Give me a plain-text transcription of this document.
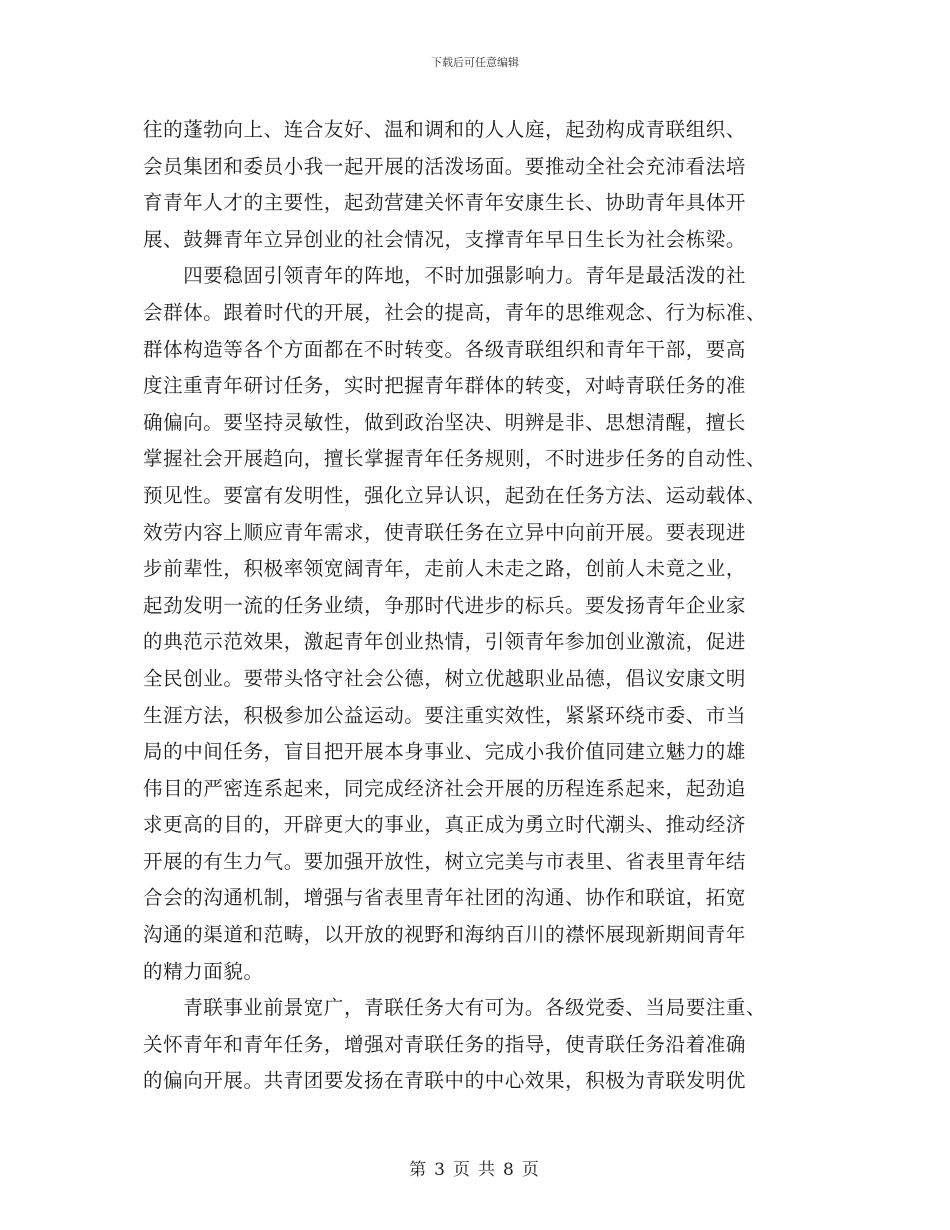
下载后可任意编辑
往的蓬勃向上、连合友好、温和调和的人人庭，起劲构成青联组织、
会员集团和委员小我一起开展的活泼场面。要推动全社会充沛看法培
育青年人才的主要性，起劲营建关怀青年安康生长、协助青年具体开
展、鼓舞青年立异创业的社会情况，支撑青年早日生长为社会栋梁。
　　四要稳固引领青年的阵地，不时加强影响力。青年是最活泼的社
会群体。跟着时代的开展，社会的提高，青年的思维观念、行为标准、
群体构造等各个方面都在不时转变。各级青联组织和青年干部，要高
度注重青年研讨任务，实时把握青年群体的转变，对峙青联任务的准
确偏向。要坚持灵敏性，做到政治坚决、明辨是非、思想清醒，擅长
掌握社会开展趋向，擅长掌握青年任务规则，不时进步任务的自动性、
预见性。要富有发明性，强化立异认识，起劲在任务方法、运动载体、
效劳内容上顺应青年需求，使青联任务在立异中向前开展。要表现进
步前辈性，积极率领宽阔青年，走前人未走之路，创前人未竟之业，
起劲发明一流的任务业绩，争那时代进步的标兵。要发扬青年企业家
的典范示范效果，激起青年创业热情，引领青年参加创业激流，促进
全民创业。要带头恪守社会公德，树立优越职业品德，倡议安康文明
生涯方法，积极参加公益运动。要注重实效性，紧紧环绕市委、市当
局的中间任务，盲目把开展本身事业、完成小我价值同建立魅力的雄
伟目的严密连系起来，同完成经济社会开展的历程连系起来，起劲追
求更高的目的，开辟更大的事业，真正成为勇立时代潮头、推动经济
开展的有生力气。要加强开放性，树立完美与市表里、省表里青年结
合会的沟通机制，增强与省表里青年社团的沟通、协作和联谊，拓宽
沟通的渠道和范畴，以开放的视野和海纳百川的襟怀展现新期间青年
的精力面貌。
　　青联事业前景宽广，青联任务大有可为。各级党委、当局要注重、
关怀青年和青年任务，增强对青联任务的指导，使青联任务沿着准确
的偏向开展。共青团要发扬在青联中的中心效果，积极为青联发明优
第 3 页 共 8 页
